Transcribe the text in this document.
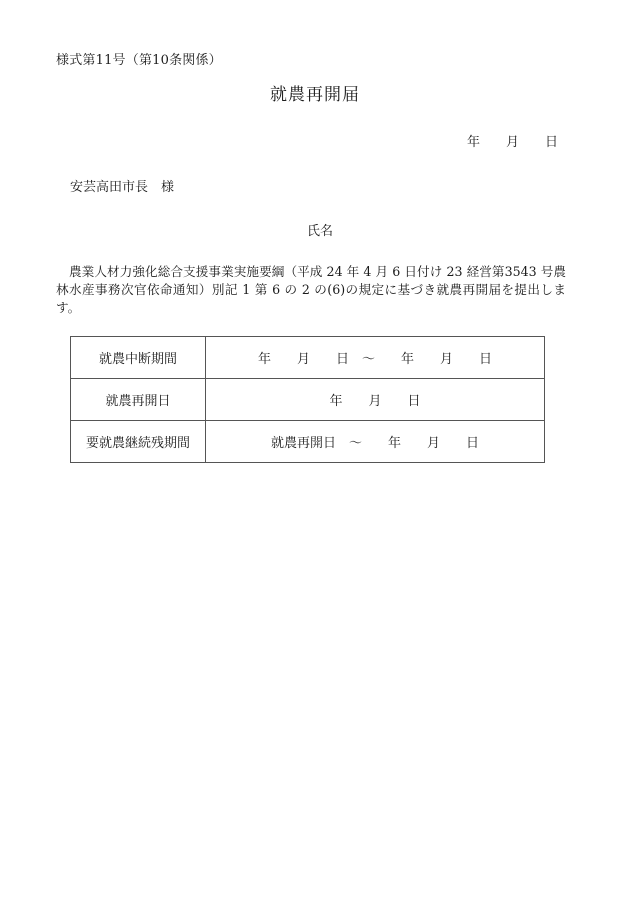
様式第11号（第10条関係）
就農再開届
年　　月　　日
安芸高田市長　様
氏名
農業人材力強化総合支援事業実施要綱（平成 24 年 4 月 6 日付け 23 経営第3543 号農林水産事務次官依命通知）別記 1 第 6 の 2 の(6)の規定に基づき就農再開届を提出します。
就農中断期間	年　　月　　日　～　　年　　月　　日
就農再開日	年　　月　　日
要就農継続残期間	就農再開日　～　　年　　月　　日
